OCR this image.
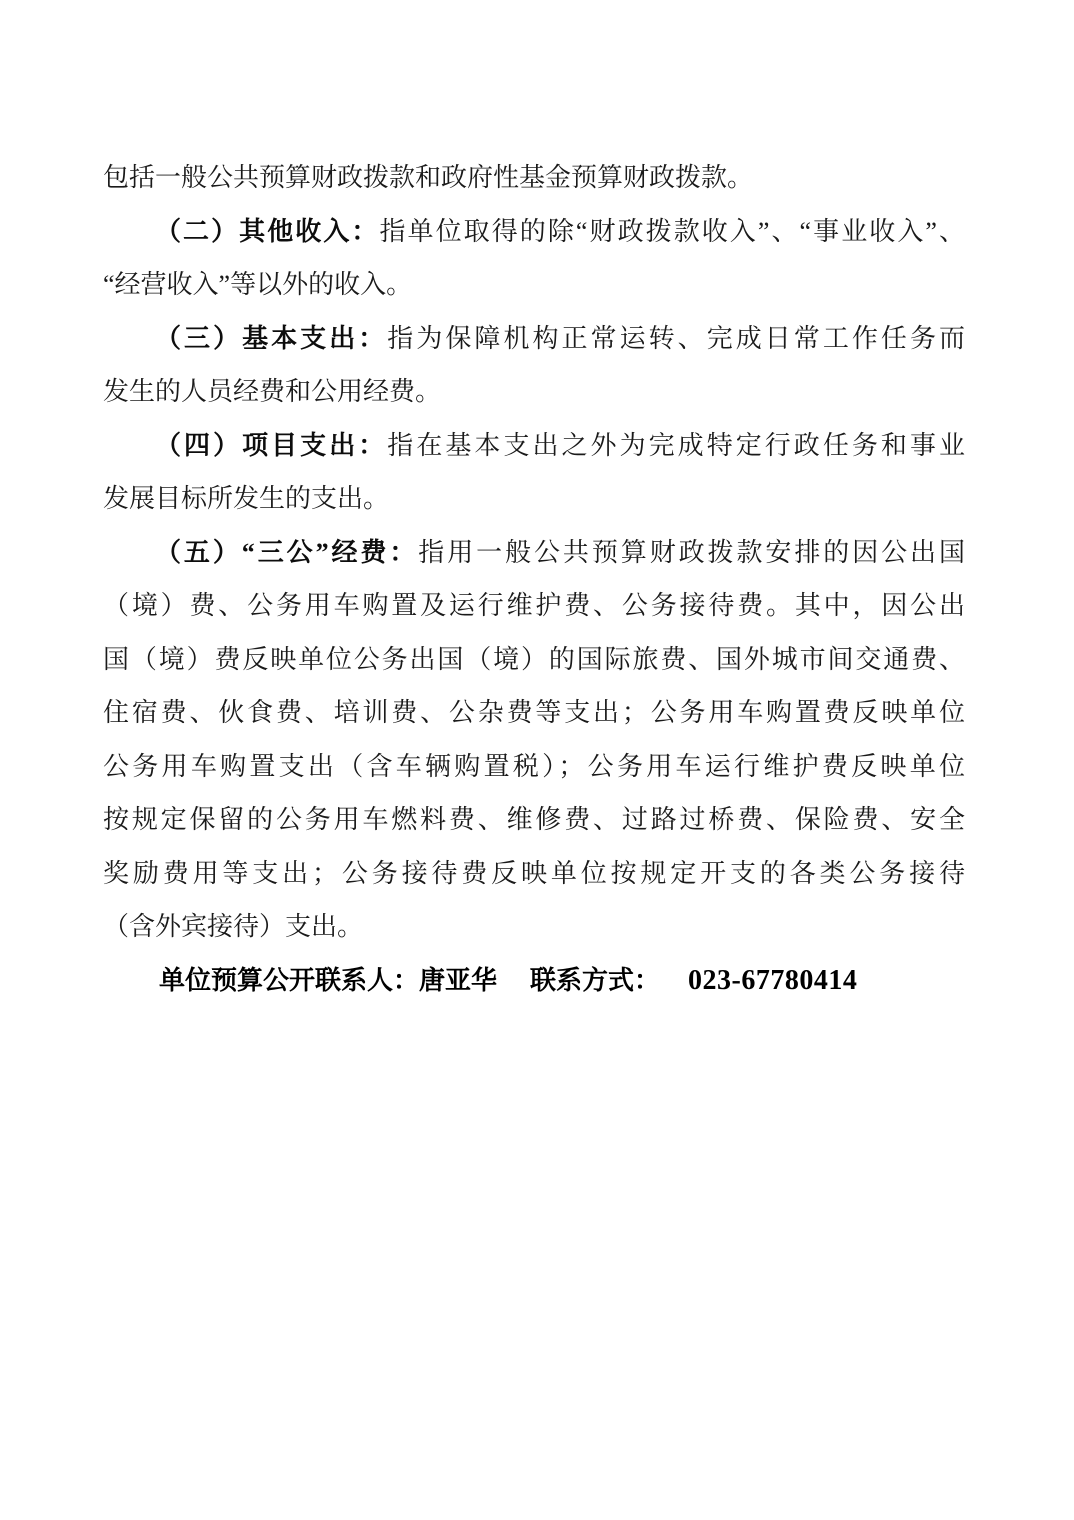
包括一般公共预算财政拨款和政府性基金预算财政拨款。
（二）其他收入：指单位取得的除“财政拨款收入”、“事业收入”、
“经营收入”等以外的收入。
（三）基本支出：指为保障机构正常运转、完成日常工作任务而
发生的人员经费和公用经费。
（四）项目支出：指在基本支出之外为完成特定行政任务和事业
发展目标所发生的支出。
（五）“三公”经费：指用一般公共预算财政拨款安排的因公出国
（境）费、公务用车购置及运行维护费、公务接待费。其中，因公出
国（境）费反映单位公务出国（境）的国际旅费、国外城市间交通费、
住宿费、伙食费、培训费、公杂费等支出；公务用车购置费反映单位
公务用车购置支出（含车辆购置税）；公务用车运行维护费反映单位
按规定保留的公务用车燃料费、维修费、过路过桥费、保险费、安全
奖励费用等支出；公务接待费反映单位按规定开支的各类公务接待
（含外宾接待）支出。
单位预算公开联系人：唐亚华 联系方式： 023-67780414
